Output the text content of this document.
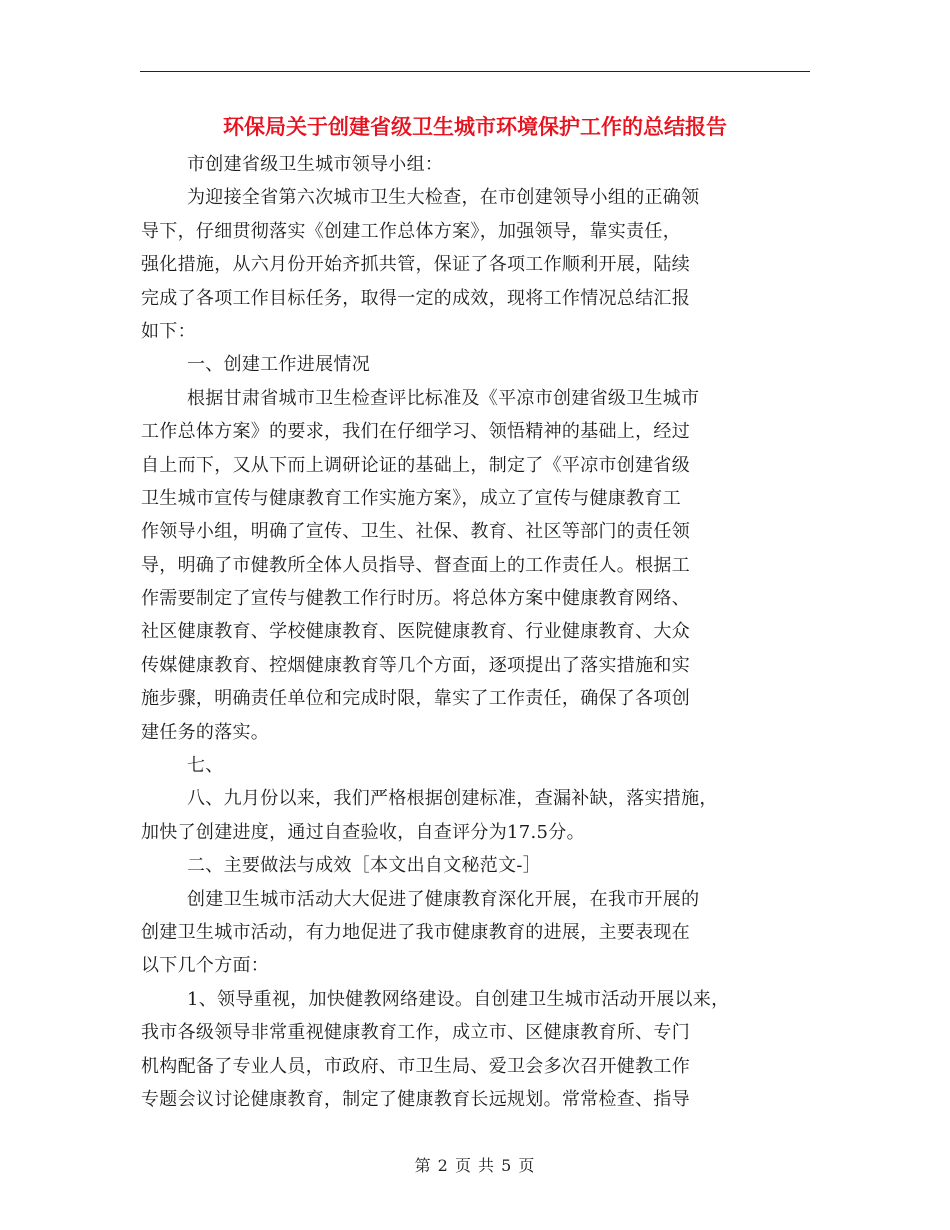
环保局关于创建省级卫生城市环境保护工作的总结报告
市创建省级卫生城市领导小组：
为迎接全省第六次城市卫生大检查，在市创建领导小组的正确领
导下，仔细贯彻落实《创建工作总体方案》，加强领导，靠实责任，
强化措施，从六月份开始齐抓共管，保证了各项工作顺利开展，陆续
完成了各项工作目标任务，取得一定的成效，现将工作情况总结汇报
如下：
一、创建工作进展情况
根据甘肃省城市卫生检查评比标准及《平凉市创建省级卫生城市
工作总体方案》的要求，我们在仔细学习、领悟精神的基础上，经过
自上而下，又从下而上调研论证的基础上，制定了《平凉市创建省级
卫生城市宣传与健康教育工作实施方案》，成立了宣传与健康教育工
作领导小组，明确了宣传、卫生、社保、教育、社区等部门的责任领
导，明确了市健教所全体人员指导、督查面上的工作责任人。根据工
作需要制定了宣传与健教工作行时历。将总体方案中健康教育网络、
社区健康教育、学校健康教育、医院健康教育、行业健康教育、大众
传媒健康教育、控烟健康教育等几个方面，逐项提出了落实措施和实
施步骤，明确责任单位和完成时限，靠实了工作责任，确保了各项创
建任务的落实。
七、
八、九月份以来，我们严格根据创建标准，查漏补缺，落实措施，
加快了创建进度，通过自查验收，自查评分为17.5分。
二、主要做法与成效［本文出自文秘范文-］
创建卫生城市活动大大促进了健康教育深化开展，在我市开展的
创建卫生城市活动，有力地促进了我市健康教育的进展，主要表现在
以下几个方面：
1、领导重视，加快健教网络建设。自创建卫生城市活动开展以来，
我市各级领导非常重视健康教育工作，成立市、区健康教育所、专门
机构配备了专业人员，市政府、市卫生局、爱卫会多次召开健教工作
专题会议讨论健康教育，制定了健康教育长远规划。常常检查、指导
第 2 页 共 5 页
